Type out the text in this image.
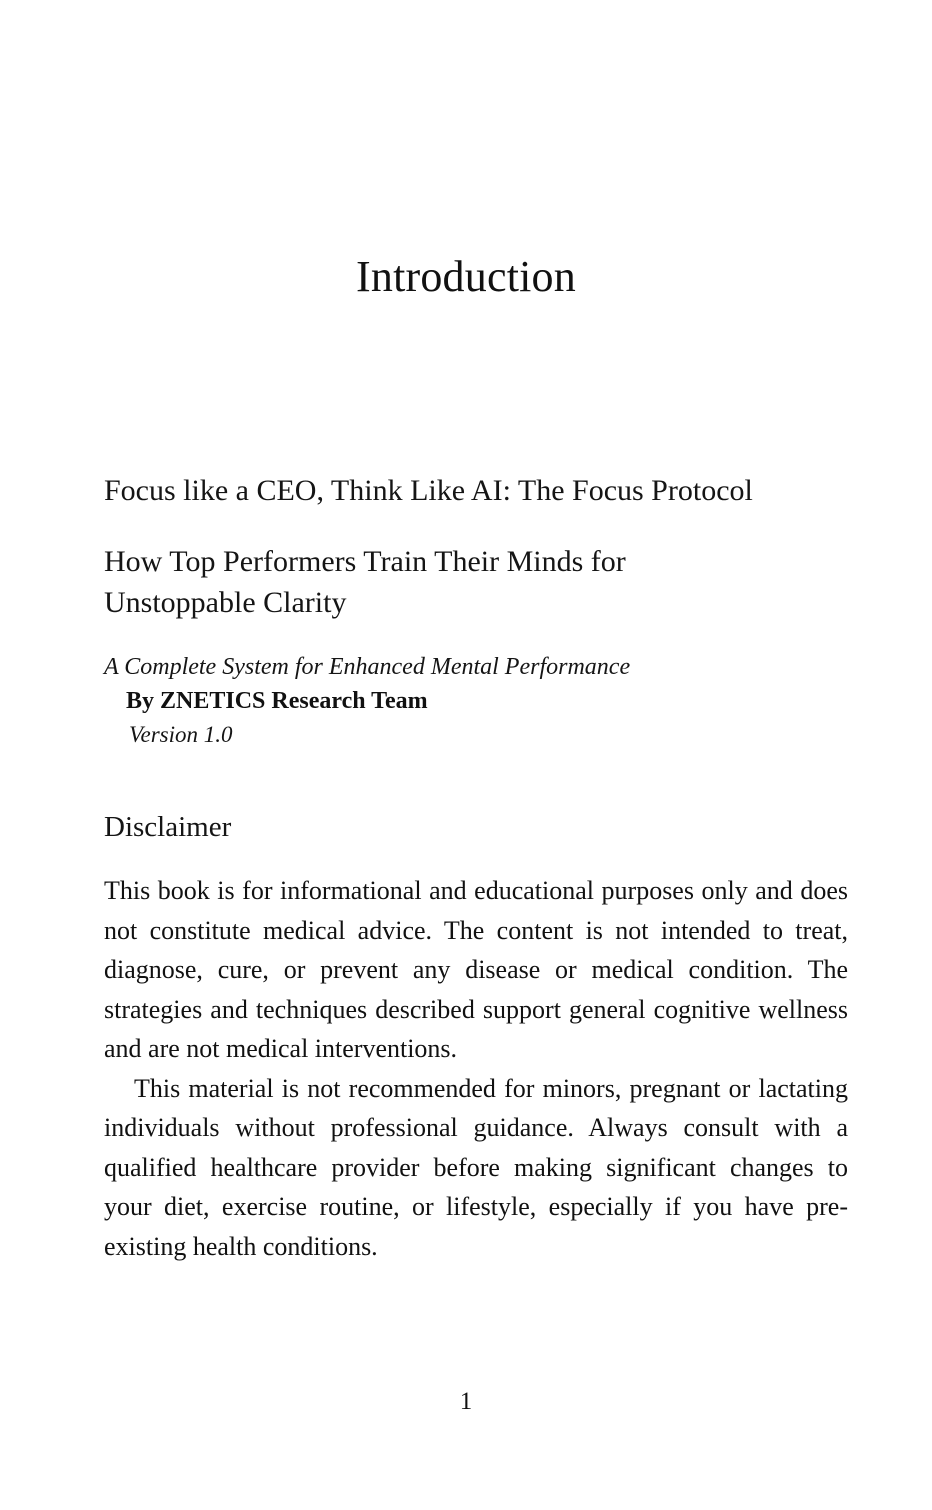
Introduction
Focus like a CEO, Think Like AI: The Focus Protocol
How Top Performers Train Their Minds for Unstoppable Clarity
A Complete System for Enhanced Mental Performance
By ZNETICS Research Team
Version 1.0
Disclaimer

This book is for informational and educational purposes only and does not constitute medical advice. The content is not intended to treat, diagnose, cure, or prevent any disease or medical condition. The strategies and techniques described support general cognitive wellness and are not medical interventions.

This material is not recommended for minors, pregnant or lactating individuals without professional guidance. Always consult with a qualified healthcare provider before making significant changes to your diet, exercise routine, or lifestyle, especially if you have pre-existing health conditions.

1
